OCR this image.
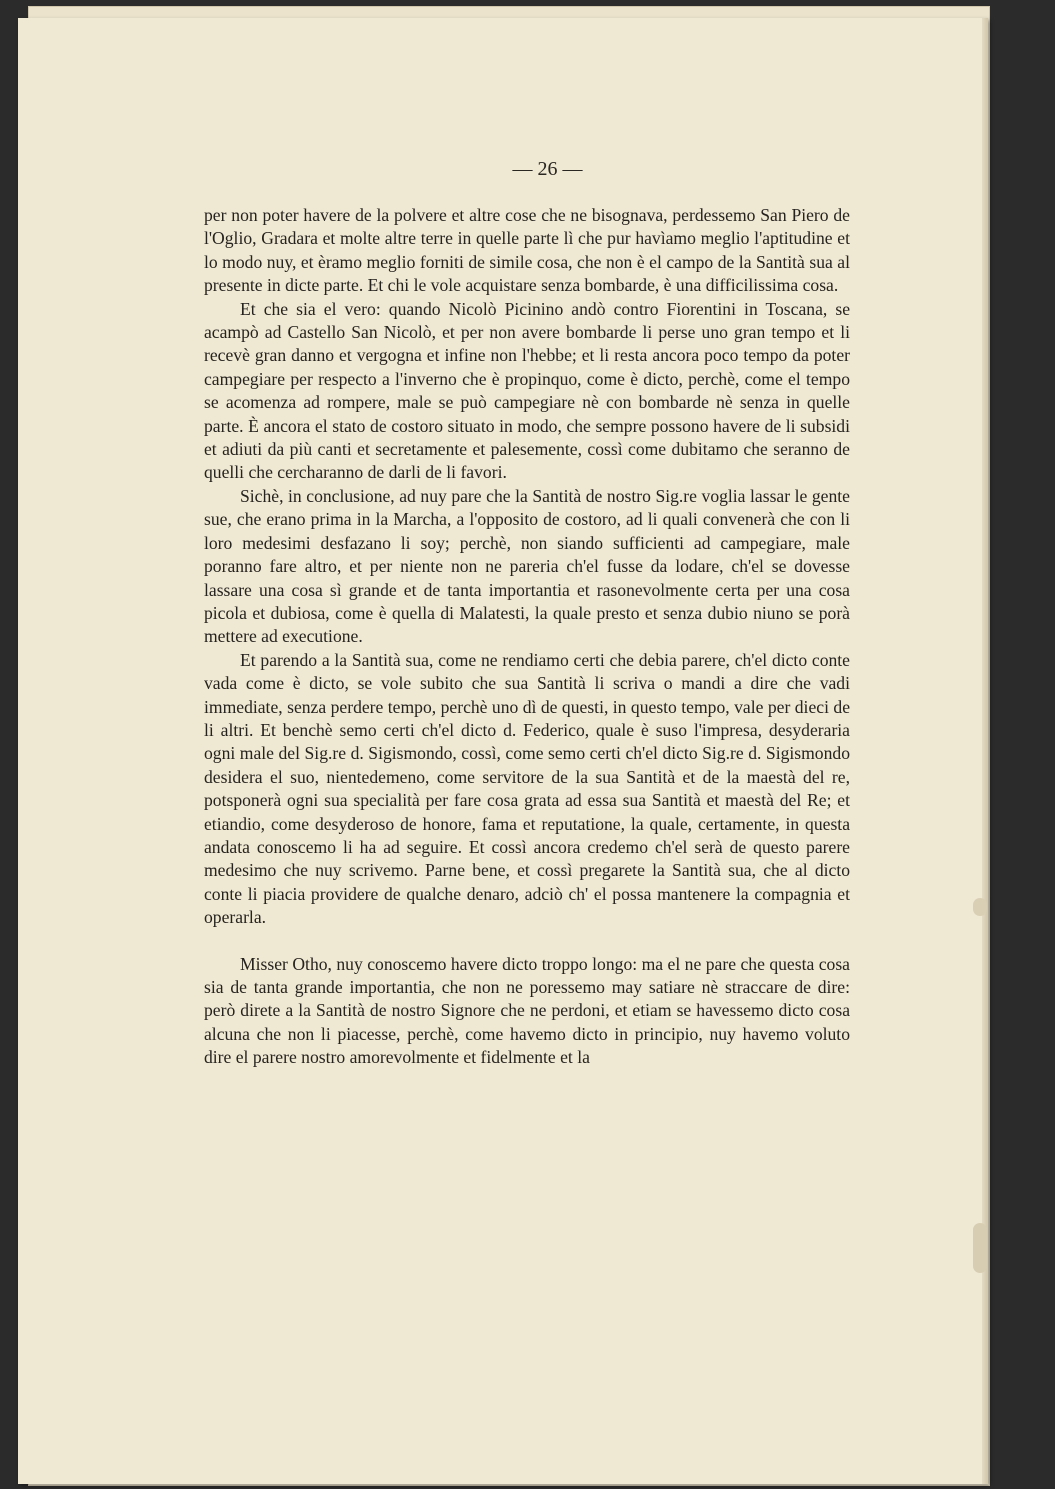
— 26 —

per non poter havere de la polvere et altre cose che ne bisognava, perdessemo San Piero de l'Oglio, Gradara et molte altre terre in quelle parte lì che pur havìamo meglio l'aptitudine et lo modo nuy, et èramo meglio forniti de simile cosa, che non è el campo de la Santità sua al presente in dicte parte. Et chi le vole acquistare senza bombarde, è una difficilissima cosa.

Et che sia el vero: quando Nicolò Picinino andò contro Fiorentini in Toscana, se acampò ad Castello San Nicolò, et per non avere bombarde li perse uno gran tempo et li recevè gran danno et vergogna et infine non l'hebbe; et li resta ancora poco tempo da poter campegiare per respecto a l'inverno che è propinquo, come è dicto, perchè, come el tempo se acomenza ad rompere, male se può campegiare nè con bombarde nè senza in quelle parte. È ancora el stato de costoro situato in modo, che sempre possono havere de li subsidi et adiuti da più canti et secretamente et palesemente, cossì come dubitamo che seranno de quelli che cercharanno de darli de li favori.

Sichè, in conclusione, ad nuy pare che la Santità de nostro Sig.re voglia lassar le gente sue, che erano prima in la Marcha, a l'opposito de costoro, ad li quali convenerà che con li loro medesimi desfazano li soy; perchè, non siando sufficienti ad campegiare, male poranno fare altro, et per niente non ne pareria ch'el fusse da lodare, ch'el se dovesse lassare una cosa sì grande et de tanta importantia et rasonevolmente certa per una cosa picola et dubiosa, come è quella di Malatesti, la quale presto et senza dubio niuno se porà mettere ad executione.

Et parendo a la Santità sua, come ne rendiamo certi che debia parere, ch'el dicto conte vada come è dicto, se vole subito che sua Santità li scriva o mandi a dire che vadi immediate, senza perdere tempo, perchè uno dì de questi, in questo tempo, vale per dieci de li altri. Et benchè semo certi ch'el dicto d. Federico, quale è suso l'impresa, desyderaria ogni male del Sig.re d. Sigismondo, cossì, come semo certi ch'el dicto Sig.re d. Sigismondo desidera el suo, nientedemeno, come servitore de la sua Santità et de la maestà del re, potsponerà ogni sua specialità per fare cosa grata ad essa sua Santità et maestà del Re; et etiandio, come desyderoso de honore, fama et reputatione, la quale, certamente, in questa andata conoscemo li ha ad seguire. Et cossì ancora credemo ch'el serà de questo parere medesimo che nuy scrivemo. Parne bene, et cossì pregarete la Santità sua, che al dicto conte li piacia providere de qualche denaro, adciò ch' el possa mantenere la compagnia et operarla.

Misser Otho, nuy conoscemo havere dicto troppo longo: ma el ne pare che questa cosa sia de tanta grande importantia, che non ne poressemo may satiare nè straccare de dire: però direte a la Santità de nostro Signore che ne perdoni, et etiam se havessemo dicto cosa alcuna che non li piacesse, perchè, come havemo dicto in principio, nuy havemo voluto dire el parere nostro amorevolmente et fidelmente et la
